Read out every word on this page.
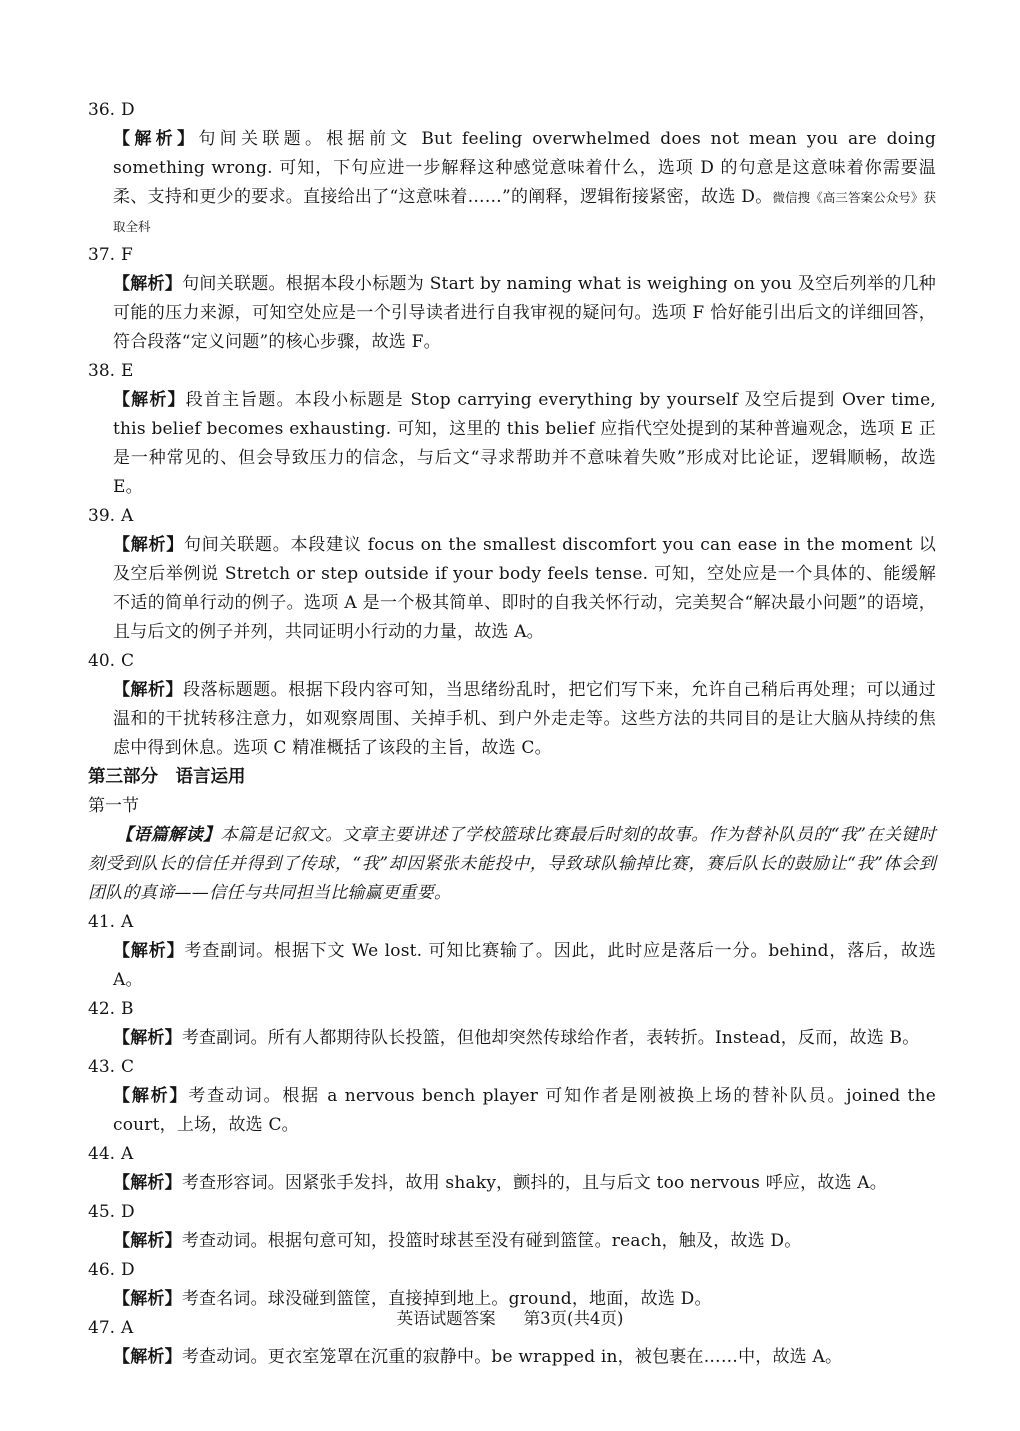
36. D

【解析】句间关联题。根据前文 But feeling overwhelmed does not mean you are doing something wrong. 可知，下句应进一步解释这种感觉意味着什么，选项 D 的句意是这意味着你需要温柔、支持和更少的要求。直接给出了“这意味着……”的阐释，逻辑衔接紧密，故选 D。微信搜《高三答案公众号》获取全科

37. F

【解析】句间关联题。根据本段小标题为 Start by naming what is weighing on you 及空后列举的几种可能的压力来源，可知空处应是一个引导读者进行自我审视的疑问句。选项 F 恰好能引出后文的详细回答，符合段落“定义问题”的核心步骤，故选 F。

38. E

【解析】段首主旨题。本段小标题是 Stop carrying everything by yourself 及空后提到 Over time, this belief becomes exhausting. 可知，这里的 this belief 应指代空处提到的某种普遍观念，选项 E 正是一种常见的、但会导致压力的信念，与后文“寻求帮助并不意味着失败”形成对比论证，逻辑顺畅，故选 E。

39. A

【解析】句间关联题。本段建议 focus on the smallest discomfort you can ease in the moment 以及空后举例说 Stretch or step outside if your body feels tense. 可知，空处应是一个具体的、能缓解不适的简单行动的例子。选项 A 是一个极其简单、即时的自我关怀行动，完美契合“解决最小问题”的语境，且与后文的例子并列，共同证明小行动的力量，故选 A。

40. C

【解析】段落标题题。根据下段内容可知，当思绪纷乱时，把它们写下来，允许自己稍后再处理；可以通过温和的干扰转移注意力，如观察周围、关掉手机、到户外走走等。这些方法的共同目的是让大脑从持续的焦虑中得到休息。选项 C 精准概括了该段的主旨，故选 C。

第三部分　语言运用
第一节

【语篇解读】本篇是记叙文。文章主要讲述了学校篮球比赛最后时刻的故事。作为替补队员的“我”在关键时刻受到队长的信任并得到了传球，“我”却因紧张未能投中，导致球队输掉比赛，赛后队长的鼓励让“我”体会到团队的真谛——信任与共同担当比输赢更重要。

41. A

【解析】考查副词。根据下文 We lost. 可知比赛输了。因此，此时应是落后一分。behind，落后，故选 A。

42. B

【解析】考查副词。所有人都期待队长投篮，但他却突然传球给作者，表转折。Instead，反而，故选 B。

43. C

【解析】考查动词。根据 a nervous bench player 可知作者是刚被换上场的替补队员。joined the court，上场，故选 C。

44. A

【解析】考查形容词。因紧张手发抖，故用 shaky，颤抖的，且与后文 too nervous 呼应，故选 A。

45. D

【解析】考查动词。根据句意可知，投篮时球甚至没有碰到篮筐。reach，触及，故选 D。

46. D

【解析】考查名词。球没碰到篮筐，直接掉到地上。ground，地面，故选 D。

47. A

【解析】考查动词。更衣室笼罩在沉重的寂静中。be wrapped in，被包裹在……中，故选 A。

英语试题答案 第3页(共4页)
